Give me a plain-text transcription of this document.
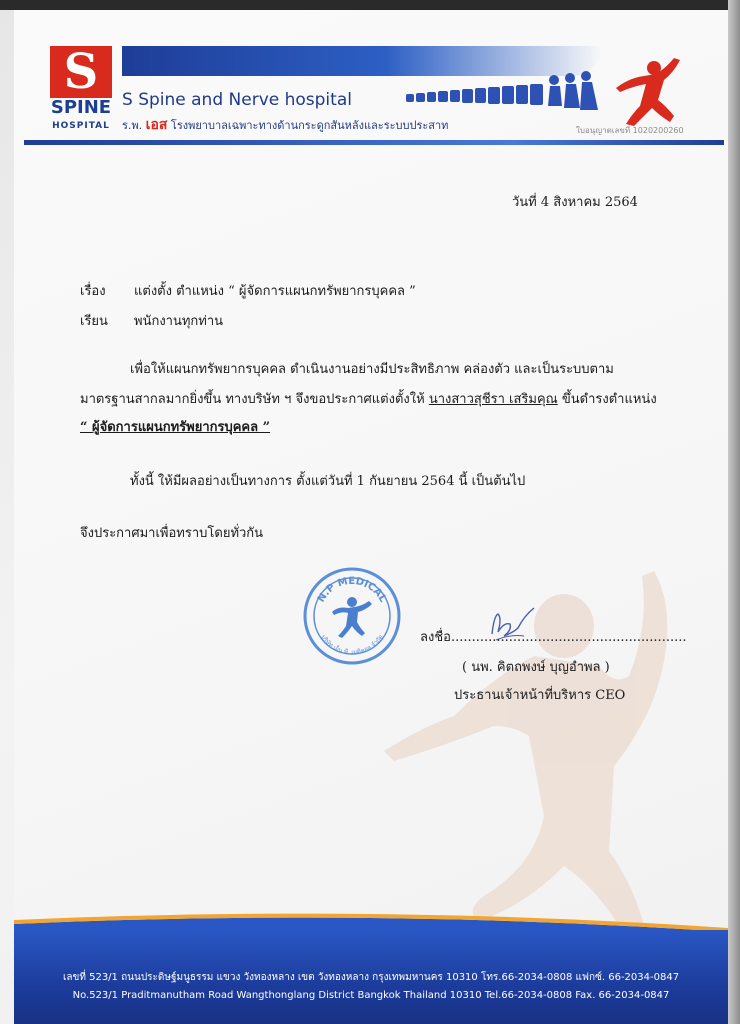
S
SPINE
HOSPITAL
S Spine and Nerve hospital
ร.พ. เอส โรงพยาบาลเฉพาะทางด้านกระดูกสันหลังและระบบประสาท	ใบอนุญาตเลขที่ 1020200260
วันที่ 4 สิงหาคม 2564
เรื่อง แต่งตั้ง ตำแหน่ง “ ผู้จัดการแผนกทรัพยากรบุคคล ”
เรียน พนักงานทุกท่าน
เพื่อให้แผนกทรัพยากรบุคคล ดำเนินงานอย่างมีประสิทธิภาพ คล่องตัว และเป็นระบบตาม
มาตรฐานสากลมากยิ่งขึ้น ทางบริษัท ฯ จึงขอประกาศแต่งตั้งให้ นางสาวสุชีรา เสริมคุณ ขึ้นดำรงตำแหน่ง
“ ผู้จัดการแผนกทรัพยากรบุคคล ”
ทั้งนี้ ให้มีผลอย่างเป็นทางการ ตั้งแต่วันที่ 1 กันยายน 2564 นี้ เป็นต้นไป
จึงประกาศมาเพื่อทราบโดยทั่วกัน
N.P MEDICAL
บริษัท เอ็น.พี. เมดิคอล จำกัด	ลงชื่อ.........................................................
( นพ. คิตถพงษ์ บุญอำพล )
ประธานเจ้าหน้าที่บริหาร CEO
เลขที่ 523/1 ถนนประดิษฐ์มนูธรรม แขวง วังทองหลาง เขต วังทองหลาง กรุงเทพมหานคร 10310 โทร.66-2034-0808 แฟกซ์. 66-2034-0847
No.523/1 Praditmanutham Road Wangthonglang District Bangkok Thailand 10310 Tel.66-2034-0808 Fax. 66-2034-0847
